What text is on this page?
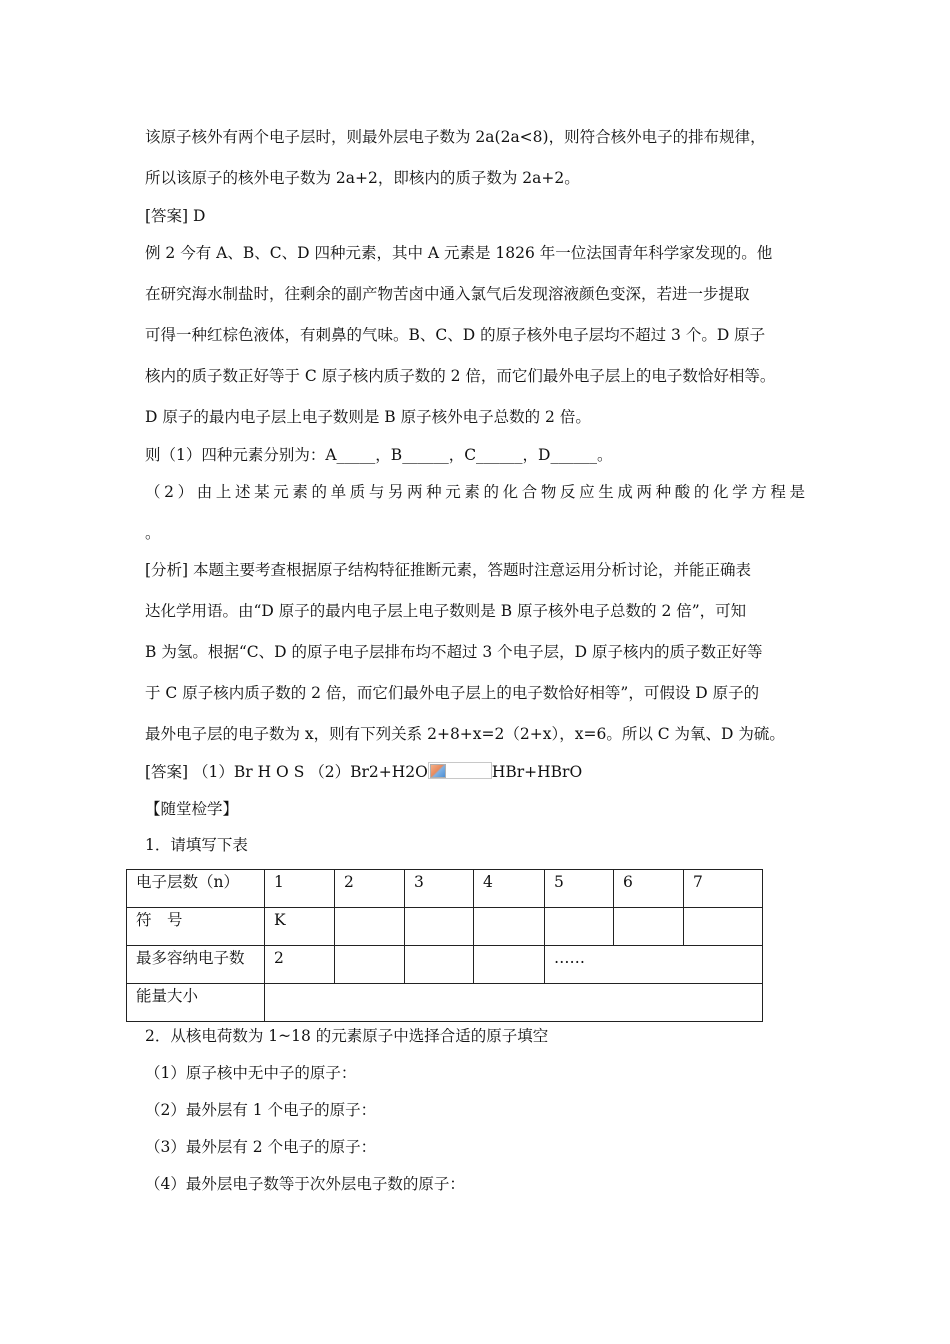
该原子核外有两个电子层时，则最外层电子数为 2a(2a<8)，则符合核外电子的排布规律，
所以该原子的核外电子数为 2a+2，即核内的质子数为 2a+2。
[答案] D
例 2 今有 A、B、C、D 四种元素，其中 A 元素是 1826 年一位法国青年科学家发现的。他
在研究海水制盐时，往剩余的副产物苦卤中通入氯气后发现溶液颜色变深，若进一步提取
可得一种红棕色液体，有刺鼻的气味。B、C、D 的原子核外电子层均不超过 3 个。D 原子
核内的质子数正好等于 C 原子核内质子数的 2 倍，而它们最外电子层上的电子数恰好相等。
D 原子的最内电子层上电子数则是 B 原子核外电子总数的 2 倍。
则（1）四种元素分别为：A_____，B______，C______，D______。
（2）由上述某元素的单质与另两种元素的化合物反应生成两种酸的化学方程是
。
[分析] 本题主要考查根据原子结构特征推断元素，答题时注意运用分析讨论，并能正确表
达化学用语。由“D 原子的最内电子层上电子数则是 B 原子核外电子总数的 2 倍”，可知
B 为氢。根据“C、D 的原子电子层排布均不超过 3 个电子层，D 原子核内的质子数正好等
于 C 原子核内质子数的 2 倍，而它们最外电子层上的电子数恰好相等”，可假设 D 原子的
最外电子层的电子数为 x，则有下列关系 2+8+x=2（2+x），x=6。所以 C 为氧、D 为硫。
[答案] （1）Br H O S （2）Br2+H2O	HBr+HBrO
【随堂检学】
1．请填写下表
电子层数（n）	1	2	3	4	5	6	7
符　号	K						
最多容纳电子数	2				……		
能量大小							
2．从核电荷数为 1~18 的元素原子中选择合适的原子填空
（1）原子核中无中子的原子：
（2）最外层有 1 个电子的原子：
（3）最外层有 2 个电子的原子：
（4）最外层电子数等于次外层电子数的原子：
